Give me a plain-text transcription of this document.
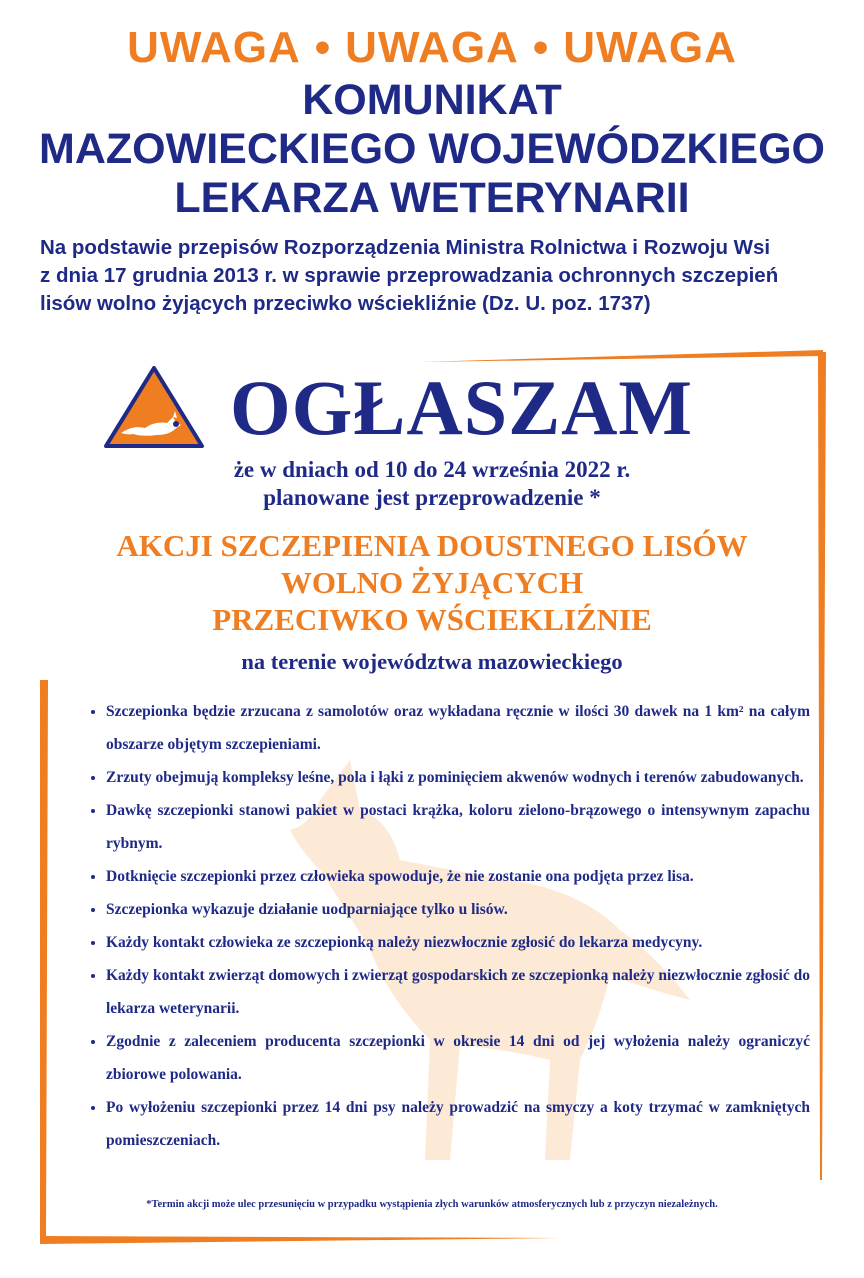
UWAGA • UWAGA • UWAGA
KOMUNIKAT
MAZOWIECKIEGO WOJEWÓDZKIEGO
LEKARZA WETERYNARII
Na podstawie przepisów Rozporządzenia Ministra Rolnictwa i Rozwoju Wsi
z dnia 17 grudnia 2013 r. w sprawie przeprowadzania ochronnych szczepień
lisów wolno żyjących przeciwko wściekliźnie (Dz. U. poz. 1737)
OGŁASZAM
że w dniach od 10 do 24 września 2022 r.
planowane jest przeprowadzenie *
AKCJI SZCZEPIENIA DOUSTNEGO LISÓW
WOLNO ŻYJĄCYCH
PRZECIWKO WŚCIEKLIŹNIE
na terenie województwa mazowieckiego
• Szczepionka będzie zrzucana z samolotów oraz wykładana ręcznie w ilości 30 dawek na 1 km² na całym obszarze objętym szczepieniami.
• Zrzuty obejmują kompleksy leśne, pola i łąki z pominięciem akwenów wodnych i terenów zabudowanych.
• Dawkę szczepionki stanowi pakiet w postaci krążka, koloru zielono-brązowego o intensywnym zapachu rybnym.
• Dotknięcie szczepionki przez człowieka spowoduje, że nie zostanie ona podjęta przez lisa.
• Szczepionka wykazuje działanie uodparniające tylko u lisów.
• Każdy kontakt człowieka ze szczepionką należy niezwłocznie zgłosić do lekarza medycyny.
• Każdy kontakt zwierząt domowych i zwierząt gospodarskich ze szczepionką należy niezwłocznie zgłosić do lekarza weterynarii.
• Zgodnie z zaleceniem producenta szczepionki w okresie 14 dni od jej wyłożenia należy ograniczyć zbiorowe polowania.
• Po wyłożeniu szczepionki przez 14 dni psy należy prowadzić na smyczy a koty trzymać w zamkniętych pomieszczeniach.
*Termin akcji może ulec przesunięciu w przypadku wystąpienia złych warunków atmosferycznych lub z przyczyn niezależnych.
